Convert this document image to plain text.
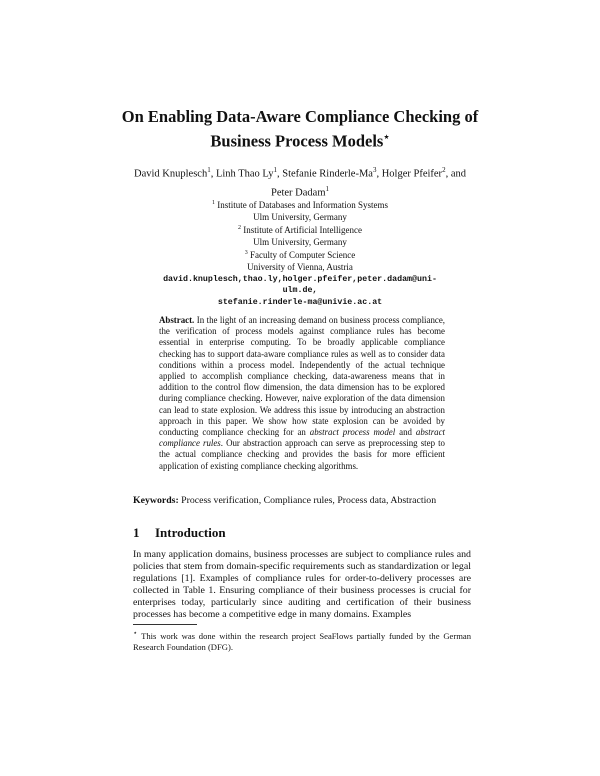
On Enabling Data-Aware Compliance Checking of
Business Process Models⋆
David Knuplesch$^1$, Linh Thao Ly$^1$, Stefanie Rinderle-Ma$^3$, Holger Pfeifer$^2$, and
Peter Dadam$^1$
$^1$ Institute of Databases and Information Systems
Ulm University, Germany
$^2$ Institute of Artificial Intelligence
Ulm University, Germany
$^3$ Faculty of Computer Science
University of Vienna, Austria
david.knuplesch,thao.ly,holger.pfeifer,peter.dadam@uni-ulm.de,
stefanie.rinderle-ma@univie.ac.at
Abstract. In the light of an increasing demand on business process compliance, the verification of process models against compliance rules has become essential in enterprise computing. To be broadly applicable compliance checking has to support data-aware compliance rules as well as to consider data conditions within a process model. Independently of the actual technique applied to accomplish compliance checking, data-awareness means that in addition to the control flow dimension, the data dimension has to be explored during compliance checking. However, naive exploration of the data dimension can lead to state explosion. We address this issue by introducing an abstraction approach in this paper. We show how state explosion can be avoided by conducting compliance checking for an abstract process model and abstract compliance rules. Our abstraction approach can serve as preprocessing step to the actual compliance checking and provides the basis for more efficient application of existing compliance checking algorithms.
Keywords: Process verification, Compliance rules, Process data, Abstraction
1 Introduction
In many application domains, business processes are subject to compliance rules and policies that stem from domain-specific requirements such as standardization or legal regulations [1]. Examples of compliance rules for order-to-delivery processes are collected in Table 1. Ensuring compliance of their business processes is crucial for enterprises today, particularly since auditing and certification of their business processes has become a competitive edge in many domains. Examples
⋆ This work was done within the research project SeaFlows partially funded by the German Research Foundation (DFG).
